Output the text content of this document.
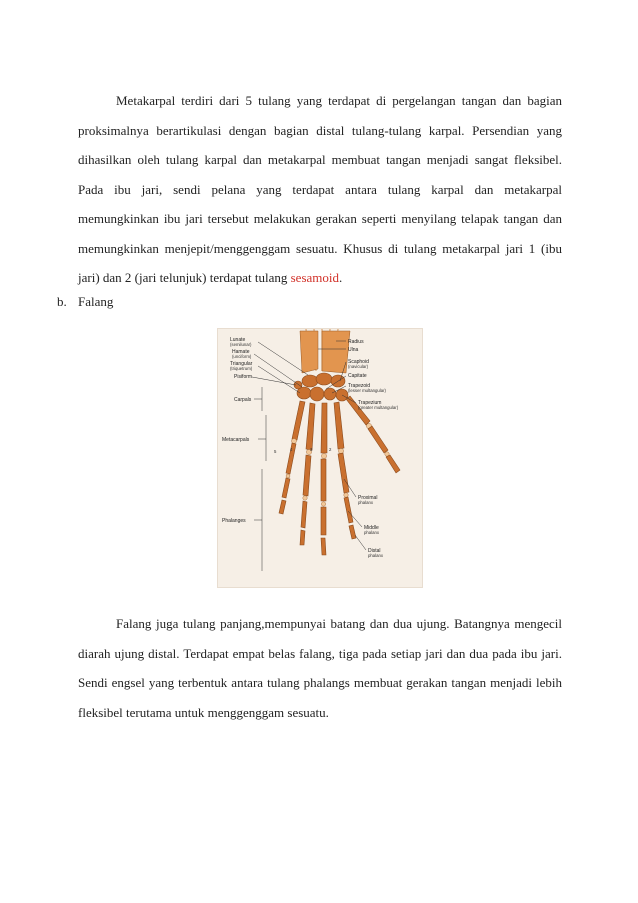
Metakarpal terdiri dari 5 tulang yang terdapat di pergelangan tangan dan bagian proksimalnya berartikulasi dengan bagian distal tulang-tulang karpal. Persendian yang dihasilkan oleh tulang karpal dan metakarpal membuat tangan menjadi sangat fleksibel. Pada ibu jari, sendi pelana yang terdapat antara tulang karpal dan metakarpal memungkinkan ibu jari tersebut melakukan gerakan seperti menyilang telapak tangan dan memungkinkan menjepit/menggenggam sesuatu. Khusus di tulang metakarpal jari 1 (ibu jari) dan 2 (jari telunjuk) terdapat tulang sesamoid.

b. Falang

5	4	3	2
Lunate
(semilunar)
Hamate
(unciform)
Triangular
(triquetrum)
Pisiform
Carpals
Metacarpals
Phalanges
Radius
Ulna
Scaphoid
(navicular)
Capitate
Trapezoid
(lesser multangular)
Trapezium
(greater multangular)
Proximal
phalanx
Middle
phalanx
Distal
phalanx

Falang juga tulang panjang,mempunyai batang dan dua ujung. Batangnya mengecil diarah ujung distal. Terdapat empat belas falang, tiga pada setiap jari dan dua pada ibu jari. Sendi engsel yang terbentuk antara tulang phalangs membuat gerakan tangan menjadi lebih fleksibel terutama untuk menggenggam sesuatu.
